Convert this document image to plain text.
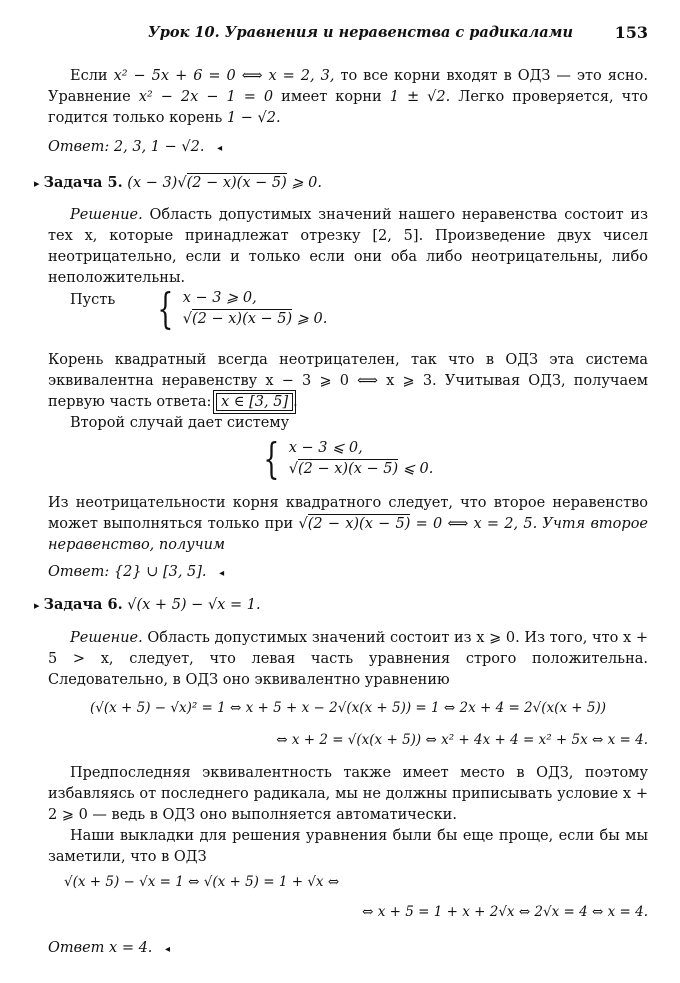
Урок 10. Уравнения и неравенства с радикалами	153

Если x² − 5x + 6 = 0 ⟺ x = 2, 3, то все корни входят в ОДЗ — это ясно. Уравнение x² − 2x − 1 = 0 имеет корни 1 ± √2. Легко проверяется, что годится только корень 1 − √2.

Ответ: 2, 3, 1 − √2. ◂
▸ Задача 5. (x − 3)√ (2 − x)(x − 5) ⩾ 0.

Решение. Область допустимых значений нашего неравенства состоит из тех x, которые принадлежат отрезку [2, 5]. Произведение двух чисел неотрицательно, если и только если они оба либо неотрицательны, либо неположительны.

Пусть	{ x − 3 ⩾ 0,
√ (2 − x)(x − 5) ⩾ 0.

Корень квадратный всегда неотрицателен, так что в ОДЗ эта система эквивалентна неравенству x − 3 ⩾ 0 ⟺ x ⩾ 3. Учитывая ОДЗ, получаем первую часть ответа: x ∈ [3, 5] .

Второй случай дает систему

{ x − 3 ⩽ 0,
√ (2 − x)(x − 5) ⩽ 0.

Из неотрицательности корня квадратного следует, что второе неравенство может выполняться только при √ (2 − x)(x − 5) = 0 ⟺ x = 2, 5. Учтя второе неравенство, получим

Ответ: {2} ∪ [3, 5]. ◂
▸ Задача 6. √(x + 5) − √x = 1.

Решение. Область допустимых значений состоит из x ⩾ 0. Из того, что x + 5 > x, следует, что левая часть уравнения строго положительна. Следовательно, в ОДЗ оно эквивалентно уравнению

(√(x + 5) − √x)² = 1 ⇔ x + 5 + x − 2√(x(x + 5)) = 1 ⇔ 2x + 4 = 2√(x(x + 5))
⇔ x + 2 = √(x(x + 5)) ⇔ x² + 4x + 4 = x² + 5x ⇔ x = 4.

Предпоследняя эквивалентность также имеет место в ОДЗ, поэтому избавляясь от последнего радикала, мы не должны приписывать условие x + 2 ⩾ 0 — ведь в ОДЗ оно выполняется автоматически.

Наши выкладки для решения уравнения были бы еще проще, если бы мы заметили, что в ОДЗ

√(x + 5) − √x = 1 ⇔ √(x + 5) = 1 + √x ⇔
⇔ x + 5 = 1 + x + 2√x ⇔ 2√x = 4 ⇔ x = 4.
Ответ x = 4. ◂
